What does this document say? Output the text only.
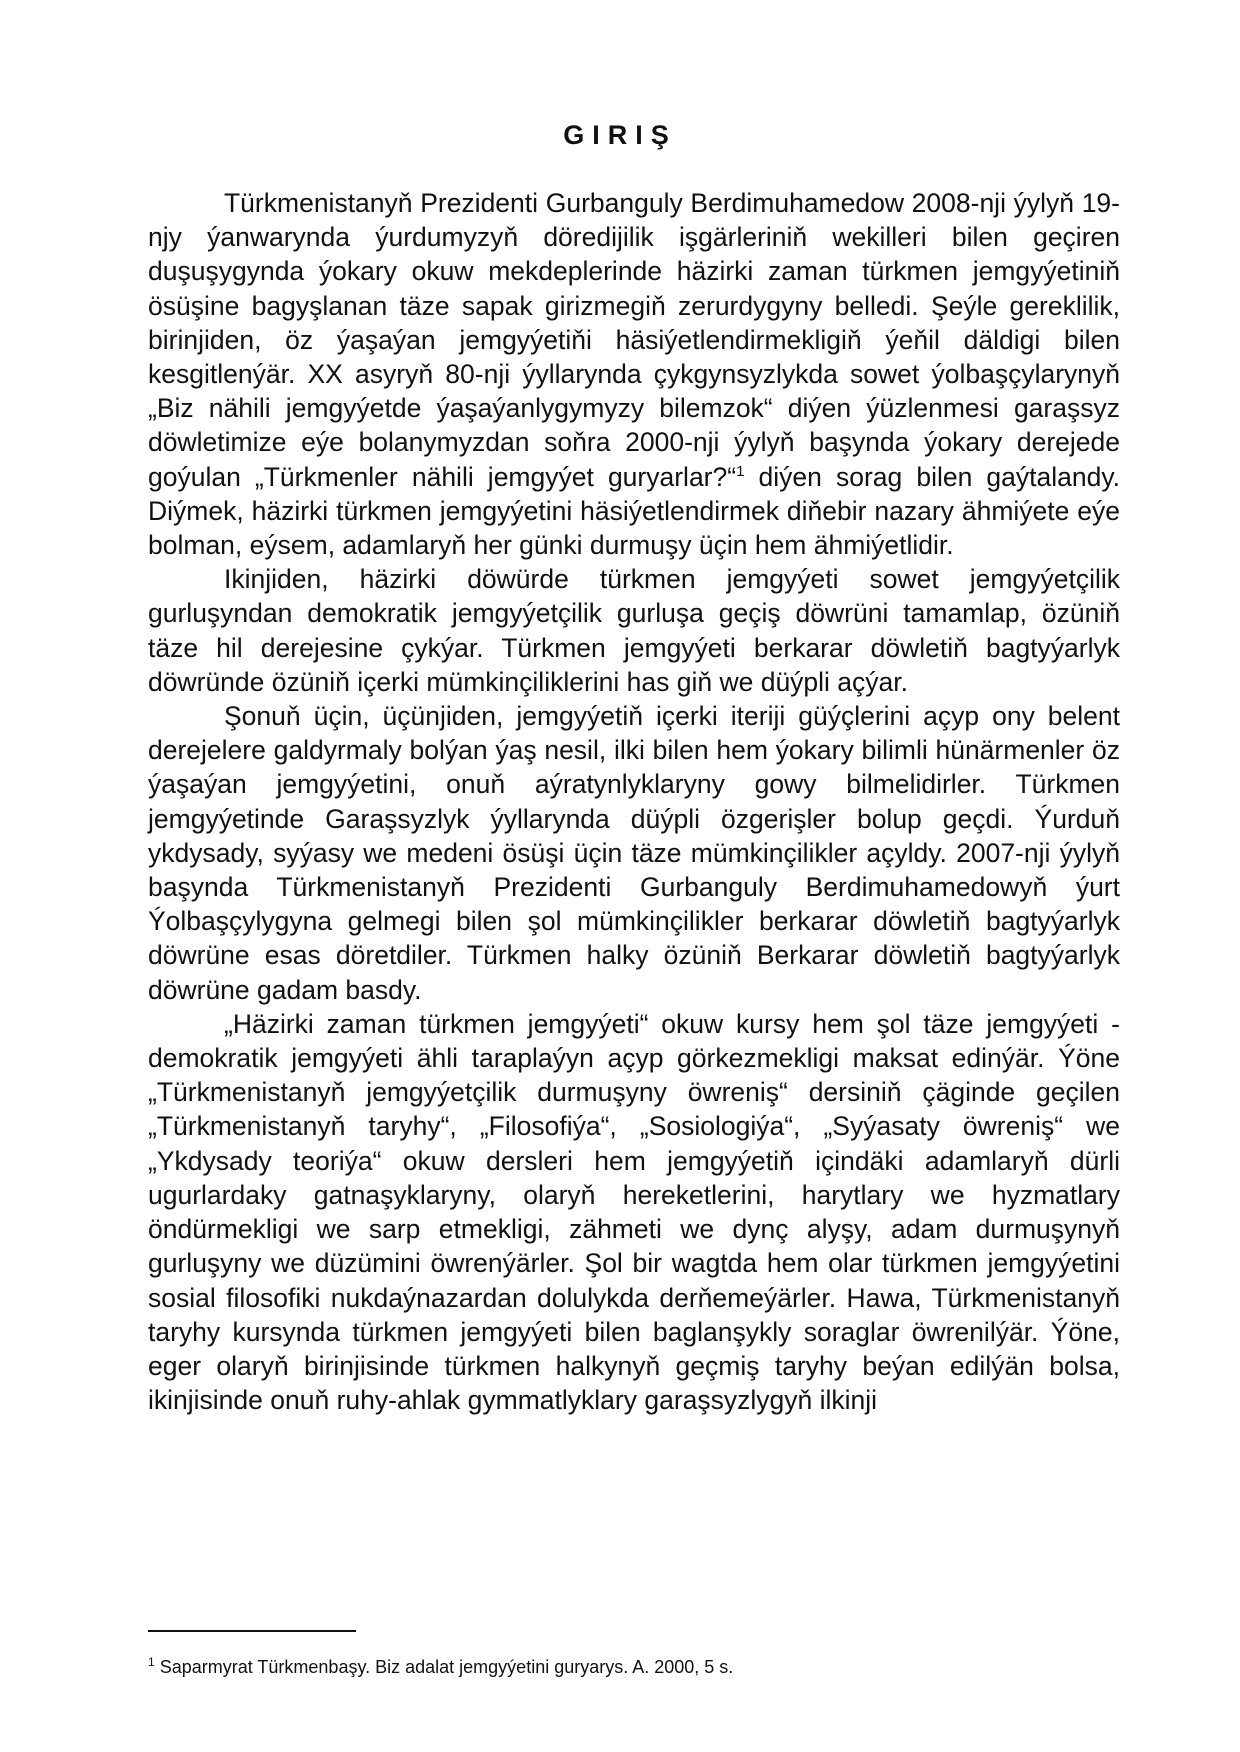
GIRIŞ

Türkmenistanyň Prezidenti Gurbanguly Berdimuhamedow 2008-nji ýylyň 19-njy ýanwarynda ýurdumyzyň döredijilik işgärleriniň wekilleri bilen geçiren duşuşygynda ýokary okuw mekdeplerinde häzirki zaman türkmen jemgyýetiniň ösüşine bagyşlanan täze sapak girizmegiň zerurdygyny belledi. Şeýle gereklilik, birinjiden, öz ýaşaýan jemgyýetiňi häsiýetlendirmekligiň ýeňil däldigi bilen kesgitlenýär. XX asyryň 80-nji ýyllarynda çykgynsyzlykda sowet ýolbaşçylarynyň „Biz nähili jemgyýetde ýaşaýanlygymyzy bilemzok“ diýen ýüzlenmesi garaşsyz döwletimize eýe bolanymyzdan soňra 2000-nji ýylyň başynda ýokary derejede goýulan „Türkmenler nähili jemgyýet guryarlar?“$^1$ diýen sorag bilen gaýtalandy. Diýmek, häzirki türkmen jemgyýetini häsiýetlendirmek diňebir nazary ähmiýete eýe bolman, eýsem, adamlaryň her günki durmuşy üçin hem ähmiýetlidir.

Ikinjiden, häzirki döwürde türkmen jemgyýeti sowet jemgyýetçilik gurluşyndan demokratik jemgyýetçilik gurluşa geçiş döwrüni tamamlap, özüniň täze hil derejesine çykýar. Türkmen jemgyýeti berkarar döwletiň bagtyýarlyk döwründe özüniň içerki mümkinçiliklerini has giň we düýpli açýar.

Şonuň üçin, üçünjiden, jemgyýetiň içerki iteriji güýçlerini açyp ony belent derejelere galdyrmaly bolýan ýaş nesil, ilki bilen hem ýokary bilimli hünärmenler öz ýaşaýan jemgyýetini, onuň aýratynlyklaryny gowy bilmelidirler. Türkmen jemgyýetinde Garaşsyzlyk ýyllarynda düýpli özgerişler bolup geçdi. Ýurduň ykdysady, syýasy we medeni ösüşi üçin täze mümkinçilikler açyldy. 2007-nji ýylyň başynda Türkmenistanyň Prezidenti Gurbanguly Berdimuhamedowyň ýurt Ýolbaşçylygyna gelmegi bilen şol mümkinçilikler berkarar döwletiň bagtyýarlyk döwrüne esas döretdiler. Türkmen halky özüniň Berkarar döwletiň bagtyýarlyk döwrüne gadam basdy.

„Häzirki zaman türkmen jemgyýeti“ okuw kursy hem şol täze jemgyýeti - demokratik jemgyýeti ähli taraplaýyn açyp görkezmekligi maksat edinýär. Ýöne „Türkmenistanyň jemgyýetçilik durmuşyny öwreniş“ dersiniň çäginde geçilen „Türkmenistanyň taryhy“, „Filosofiýa“, „Sosiologiýa“, „Syýasaty öwreniş“ we „Ykdysady teoriýa“ okuw dersleri hem jemgyýetiň içindäki adamlaryň dürli ugurlardaky gatnaşyklaryny, olaryň hereketlerini, harytlary we hyzmatlary öndürmekligi we sarp etmekligi, zähmeti we dynç alyşy, adam durmuşynyň gurluşyny we düzümini öwrenýärler. Şol bir wagtda hem olar türkmen jemgyýetini sosial filosofiki nukdaýnazardan dolulykda derňemeýärler. Hawa, Türkmenistanyň taryhy kursynda türkmen jemgyýeti bilen baglanşykly soraglar öwrenilýär. Ýöne, eger olaryň birinjisinde türkmen halkynyň geçmiş taryhy beýan edilýän bolsa, ikinjisinde onuň ruhy-ahlak gymmatlyklary garaşsyzlygyň ilkinji

$^1$ Saparmyrat Türkmenbaşy. Biz adalat jemgyýetini guryarys. A. 2000, 5 s.
